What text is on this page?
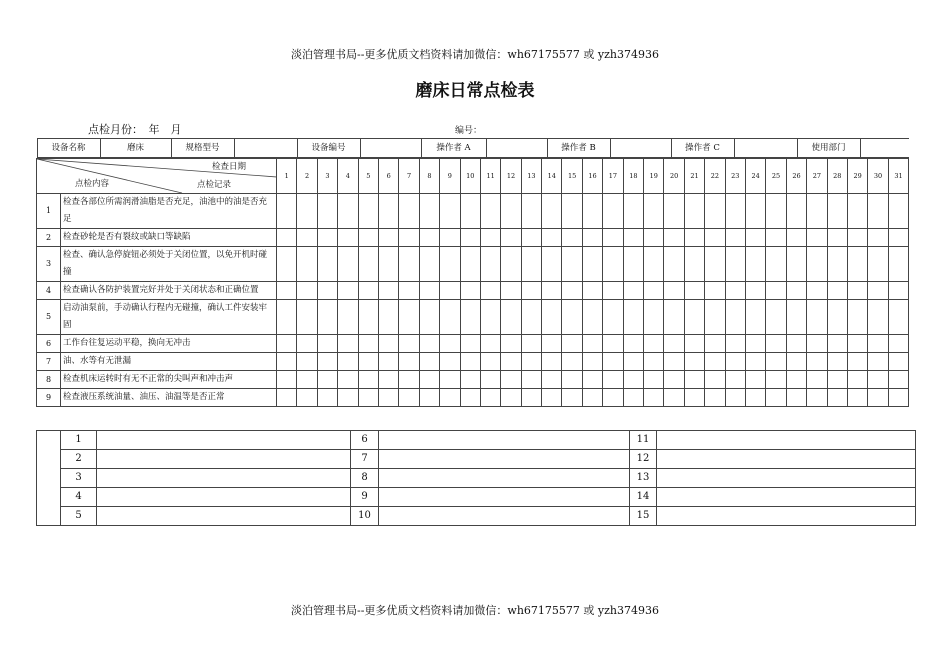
淡泊管理书局--更多优质文档资料请加微信：wh67175577 或 yzh374936
磨床日常点检表
点检月份：　年　月	编号：
设备名称	磨床	规格型号		设备编号		操作者 A		操作者 B		操作者 C		使用部门	

检查日期
点检内容	点检记录
	1	2	3	4	5	6	7	8	9	10	11	12	13	14	15	16	17	18	19	20	21	22	23	24	25	26	27	28	29	30	31
1	检查各部位所需润滑油脂是否充足，油池中的油是否充足																															
2	检查砂轮是否有裂纹或缺口等缺陷																															
3	检查、确认急停旋钮必须处于关闭位置，以免开机时碰撞																															
4	检查确认各防护装置完好并处于关闭状态和正确位置																															
5	启动油泵前，手动确认行程内无碰撞，确认工件安装牢固																															
6	工作台往复运动平稳，换向无冲击																															
7	油、水等有无泄漏																															
8	检查机床运转时有无不正常的尖叫声和冲击声																															
9	检查液压系统油量、油压、油温等是否正常																															
	1		6		11	
	2		7		12	
	3		8		13	
	4		9		14	
	5		10		15	
淡泊管理书局--更多优质文档资料请加微信：wh67175577 或 yzh374936
